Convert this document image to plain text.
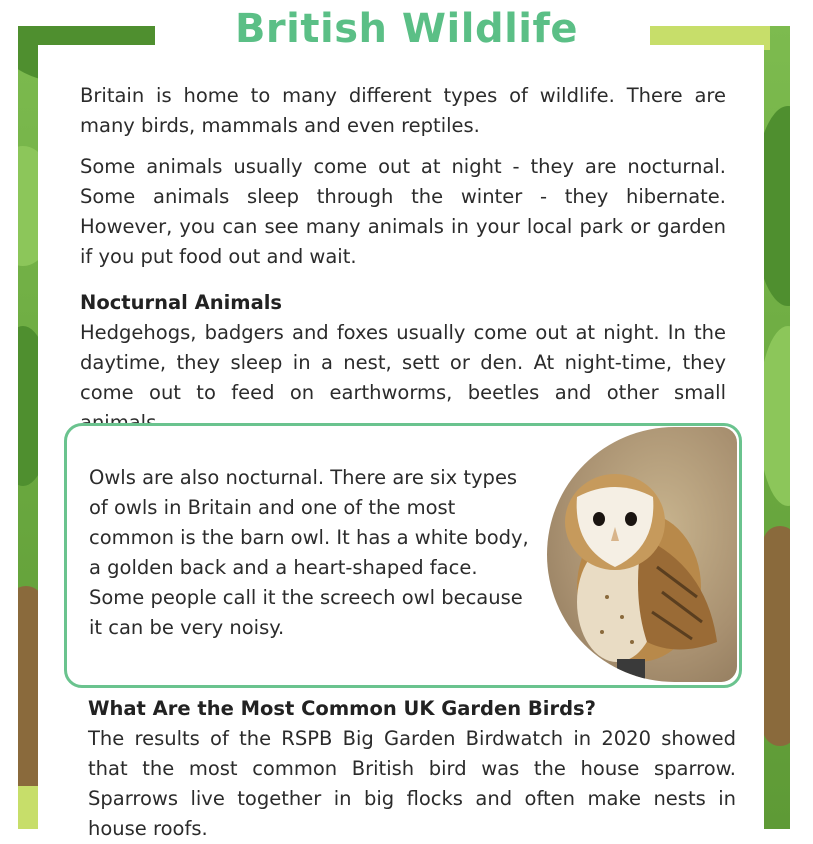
British Wildlife

Britain is home to many different types of wildlife. There are many birds, mammals and even reptiles.

Some animals usually come out at night - they are nocturnal. Some animals sleep through the winter - they hibernate. However, you can see many animals in your local park or garden if you put food out and wait.

Nocturnal Animals

Hedgehogs, badgers and foxes usually come out at night. In the daytime, they sleep in a nest, sett or den. At night-time, they come out to feed on earthworms, beetles and other small

Owls are also nocturnal. There are six types of owls in Britain and one of the most common is the barn owl. It has a white body, a golden back and a heart-shaped face. Some people call it the screech owl because it can be very noisy.

What Are the Most Common UK Garden Birds?

The results of the RSPB Big Garden Birdwatch in 2020 showed that the most common British bird was the house sparrow. Sparrows live together in big flocks and often make nests in house roofs.
